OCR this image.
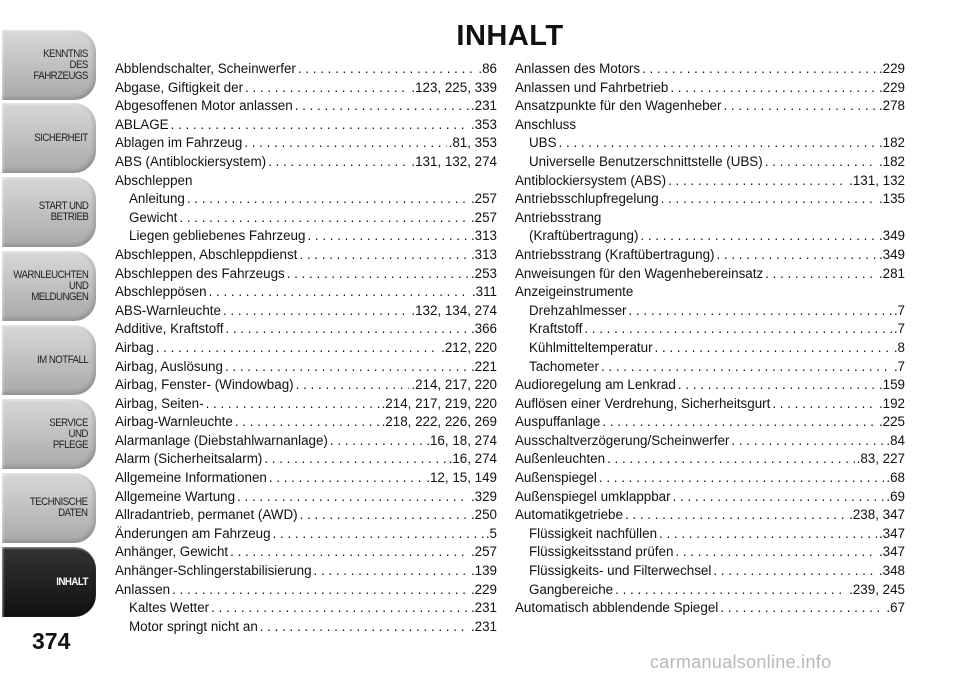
KENNTNIS
DES
FAHRZEUGS
SICHERHEIT
START UND
BETRIEB
WARNLEUCHTEN
UND
MELDUNGEN
IM NOTFALL
SERVICE
UND
PFLEGE
TECHNISCHE
DATEN
INHALT
INHALT
Abblendschalter, Scheinwerfer . . .	.86
Abgase, Giftigkeit der . . .	.123, 225, 339
Abgesoffenen Motor anlassen . . .	.231
ABLAGE . . .	.353
Ablagen im Fahrzeug . . .	.81, 353
ABS (Antiblockiersystem) . . .	.131, 132, 274
Abschleppen
Anleitung . . .	.257
Gewicht . . .	.257
Liegen gebliebenes Fahrzeug . . .	.313
Abschleppen, Abschleppdienst . . .	.313
Abschleppen des Fahrzeugs . . .	.253
Abschleppösen . . .	.311
ABS-Warnleuchte . . .	.132, 134, 274
Additive, Kraftstoff . . .	.366
Airbag . . .	.212, 220
Airbag, Auslösung . . .	.221
Airbag, Fenster- (Windowbag) . . .	.214, 217, 220
Airbag, Seiten- . . .	.214, 217, 219, 220
Airbag-Warnleuchte . . .	.218, 222, 226, 269
Alarmanlage (Diebstahlwarnanlage) . . .	.16, 18, 274
Alarm (Sicherheitsalarm) . . .	.16, 274
Allgemeine Informationen . . .	.12, 15, 149
Allgemeine Wartung . . .	.329
Allradantrieb, permanet (AWD) . . .	.250
Änderungen am Fahrzeug . . .	.5
Anhänger, Gewicht . . .	.257
Anhänger-Schlingerstabilisierung . . .	.139
Anlassen . . .	.229
Kaltes Wetter . . .	.231
Motor springt nicht an . . .	.231
Anlassen des Motors . . .	.229
Anlassen und Fahrbetrieb . . .	.229
Ansatzpunkte für den Wagenheber . . .	.278
Anschluss
UBS . . .	.182
Universelle Benutzerschnittstelle (UBS) . . .	.182
Antiblockiersystem (ABS) . . .	.131, 132
Antriebsschlupfregelung . . .	.135
Antriebsstrang
(Kraftübertragung) . . .	.349
Antriebsstrang (Kraftübertragung) . . .	.349
Anweisungen für den Wagenhebereinsatz . . .	.281
Anzeigeinstrumente
Drehzahlmesser . . .	.7
Kraftstoff . . .	.7
Kühlmitteltemperatur . . .	.8
Tachometer . . .	.7
Audioregelung am Lenkrad . . .	.159
Auflösen einer Verdrehung, Sicherheitsgurt . . .	.192
Auspuffanlage . . .	.225
Ausschaltverzögerung/Scheinwerfer . . .	.84
Außenleuchten . . .	.83, 227
Außenspiegel . . .	.68
Außenspiegel umklappbar . . .	.69
Automatikgetriebe . . .	.238, 347
Flüssigkeit nachfüllen . . .	.347
Flüssigkeitsstand prüfen . . .	.347
Flüssigkeits- und Filterwechsel . . .	.348
Gangbereiche . . .	.239, 245
Automatisch abblendende Spiegel . . .	.67
374
carmanualsonline.info
